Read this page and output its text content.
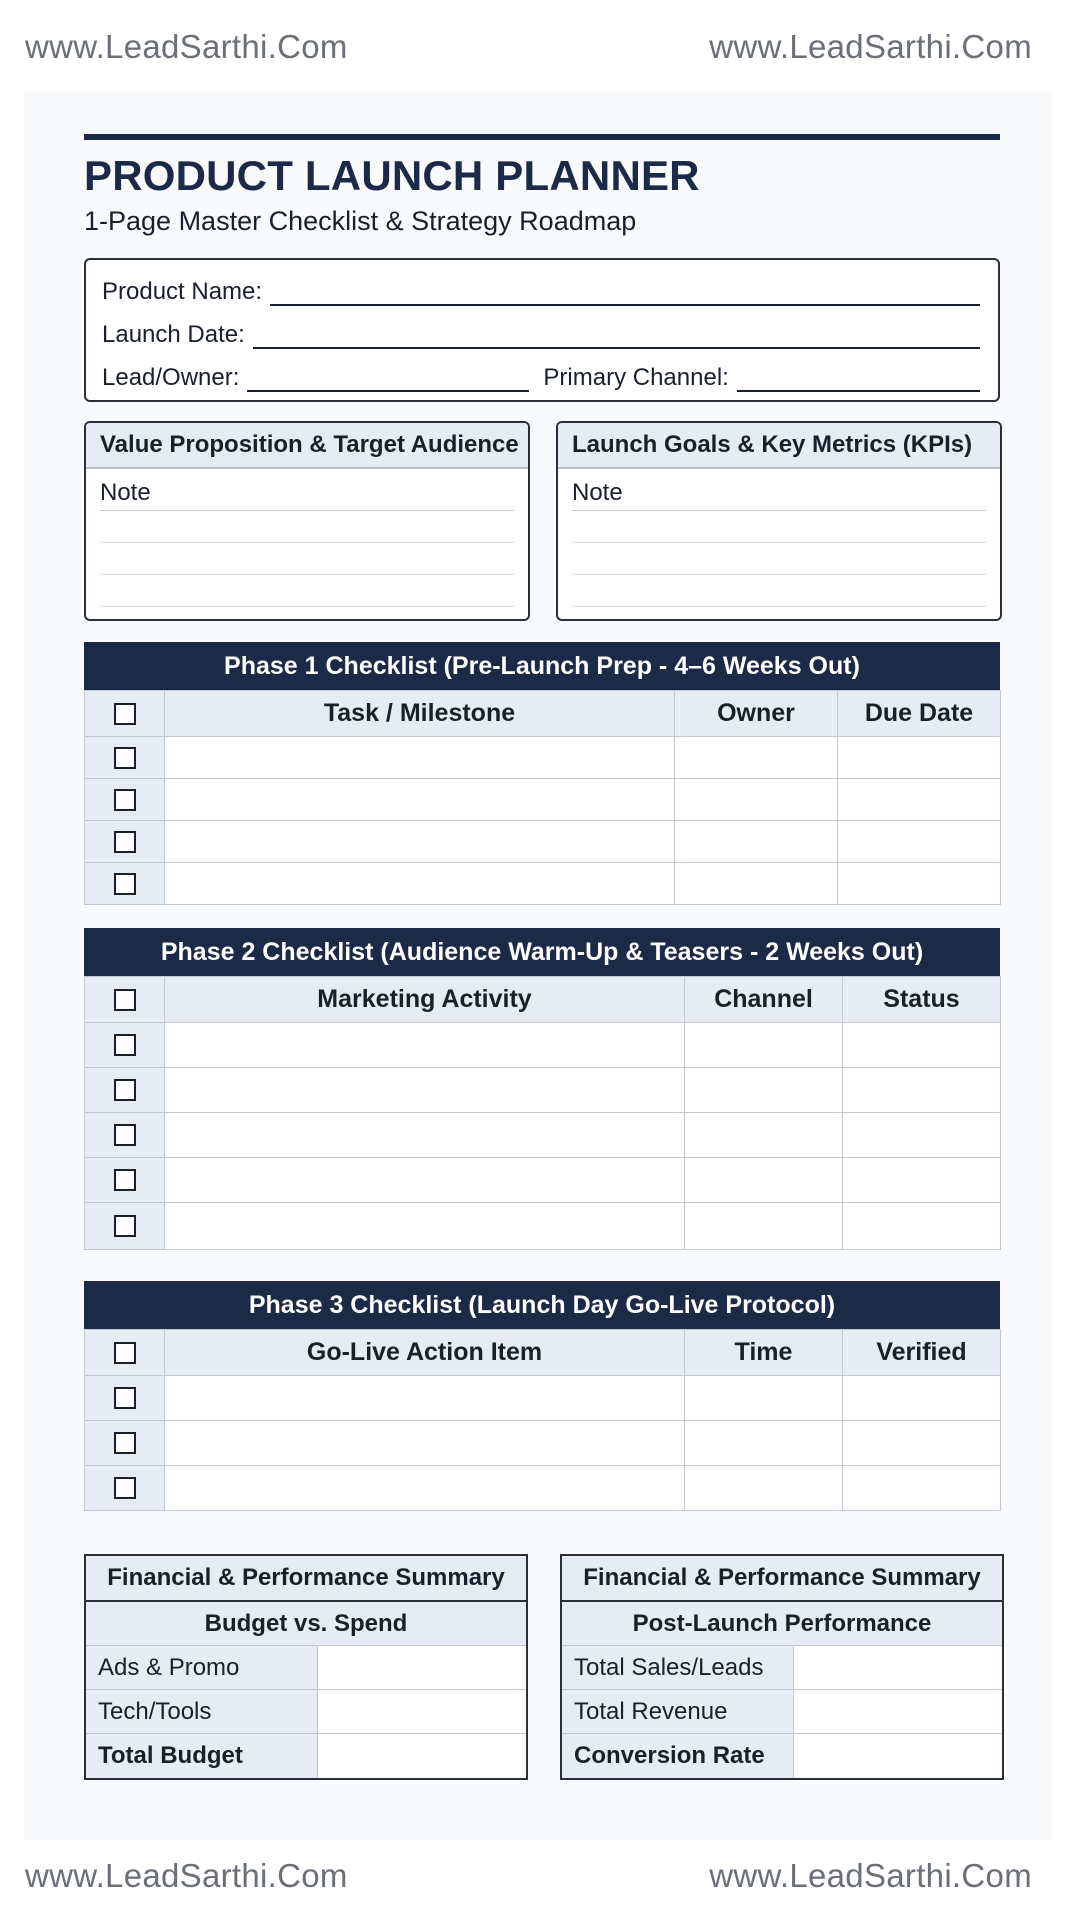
www.LeadSarthi.Com	www.LeadSarthi.Com
PRODUCT LAUNCH PLANNER
1-Page Master Checklist & Strategy Roadmap
Product Name:
Launch Date:
Lead/Owner:	Primary Channel:
Value Proposition & Target Audience
Note
Launch Goals & Key Metrics (KPIs)
Note
Phase 1 Checklist (Pre-Launch Prep - 4–6 Weeks Out)
	Task / Milestone	Owner	Due Date

Phase 2 Checklist (Audience Warm-Up & Teasers - 2 Weeks Out)
	Marketing Activity	Channel	Status

Phase 3 Checklist (Launch Day Go-Live Protocol)
	Go-Live Action Item	Time	Verified

Financial & Performance Summary
Budget vs. Spend
Ads & Promo
Tech/Tools
Total Budget
Financial & Performance Summary
Post-Launch Performance
Total Sales/Leads
Total Revenue
Conversion Rate
www.LeadSarthi.Com	www.LeadSarthi.Com
